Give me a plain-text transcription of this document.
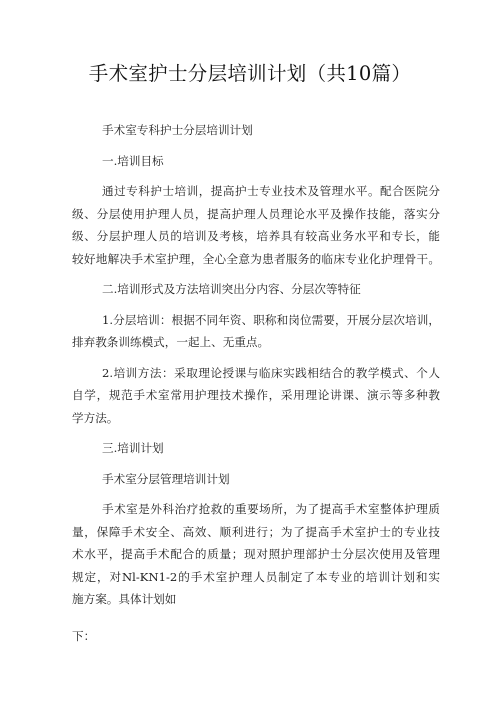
手术室护士分层培训计划（共10篇）
手术室专科护士分层培训计划
一.培训目标
通过专科护士培训，提高护士专业技术及管理水平。配合医院分
级、分层使用护理人员，提高护理人员理论水平及操作技能，落实分
级、分层护理人员的培训及考核，培养具有较高业务水平和专长，能
较好地解决手术室护理，全心全意为患者服务的临床专业化护理骨干。
二.培训形式及方法培训突出分内容、分层次等特征
1.分层培训：根据不同年资、职称和岗位需要，开展分层次培训，
排弃教条训练模式，一起上、无重点。
2.培训方法：采取理论授课与临床实践相结合的教学模式、个人
自学，规范手术室常用护理技术操作，采用理论讲课、演示等多种教
学方法。
三.培训计划
手术室分层管理培训计划
手术室是外科治疗抢救的重要场所，为了提高手术室整体护理质
量，保障手术安全、高效、顺利进行；为了提高手术室护士的专业技
术水平，提高手术配合的质量；现对照护理部护士分层次使用及管理
规定，对Nl-KN1-2的手术室护理人员制定了本专业的培训计划和实
施方案。具体计划如
下：
